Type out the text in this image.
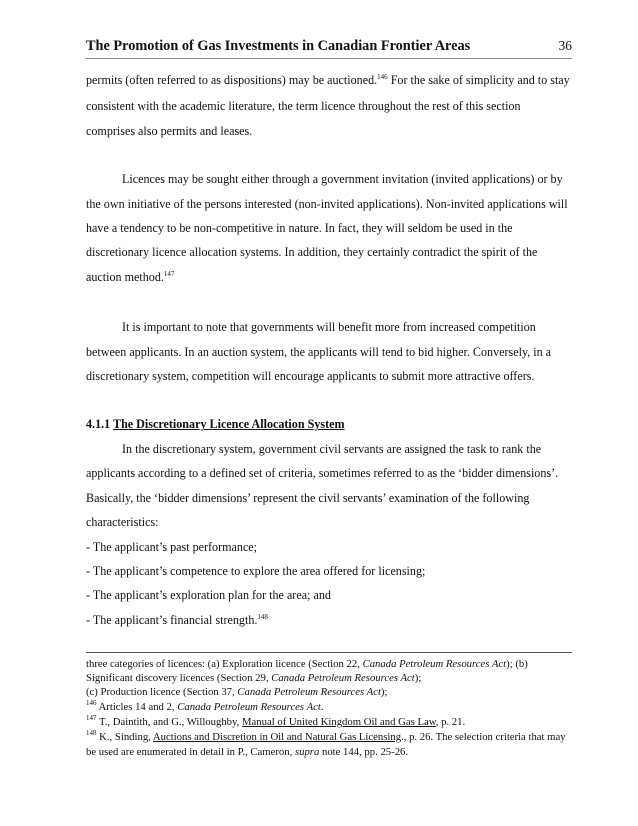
The Promotion of Gas Investments in Canadian Frontier Areas	36

permits (often referred to as dispositions) may be auctioned.$^{146}$ For the sake of simplicity and to stay consistent with the academic literature, the term licence throughout the rest of this section comprises also permits and leases.

Licences may be sought either through a government invitation (invited applications) or by the own initiative of the persons interested (non-invited applications). Non-invited applications will have a tendency to be non-competitive in nature. In fact, they will seldom be used in the discretionary licence allocation systems. In addition, they certainly contradict the spirit of the auction method.$^{147}$

It is important to note that governments will benefit more from increased competition between applicants. In an auction system, the applicants will tend to bid higher. Conversely, in a discretionary system, competition will encourage applicants to submit more attractive offers.

4.1.1 The Discretionary Licence Allocation System

In the discretionary system, government civil servants are assigned the task to rank the applicants according to a defined set of criteria, sometimes referred to as the ‘bidder dimensions’. Basically, the ‘bidder dimensions’ represent the civil servants’ examination of the following characteristics:

- The applicant’s past performance;

- The applicant’s competence to explore the area offered for licensing;

- The applicant’s exploration plan for the area; and

- The applicant’s financial strength.$^{148}$

three categories of licences: (a) Exploration licence (Section 22, Canada Petroleum Resources Act); (b) Significant discovery licences (Section 29, Canada Petroleum Resources Act);
(c) Production licence (Section 37, Canada Petroleum Resources Act);

$^{146}$ Articles 14 and 2, Canada Petroleum Resources Act.

$^{147}$ T., Daintith, and G., Willoughby, Manual of United Kingdom Oil and Gas Law, p. 21.

$^{148}$ K., Sinding, Auctions and Discretion in Oil and Natural Gas Licensing., p. 26. The selection criteria that may be used are enumerated in detail in P., Cameron, supra note 144, pp. 25-26.
